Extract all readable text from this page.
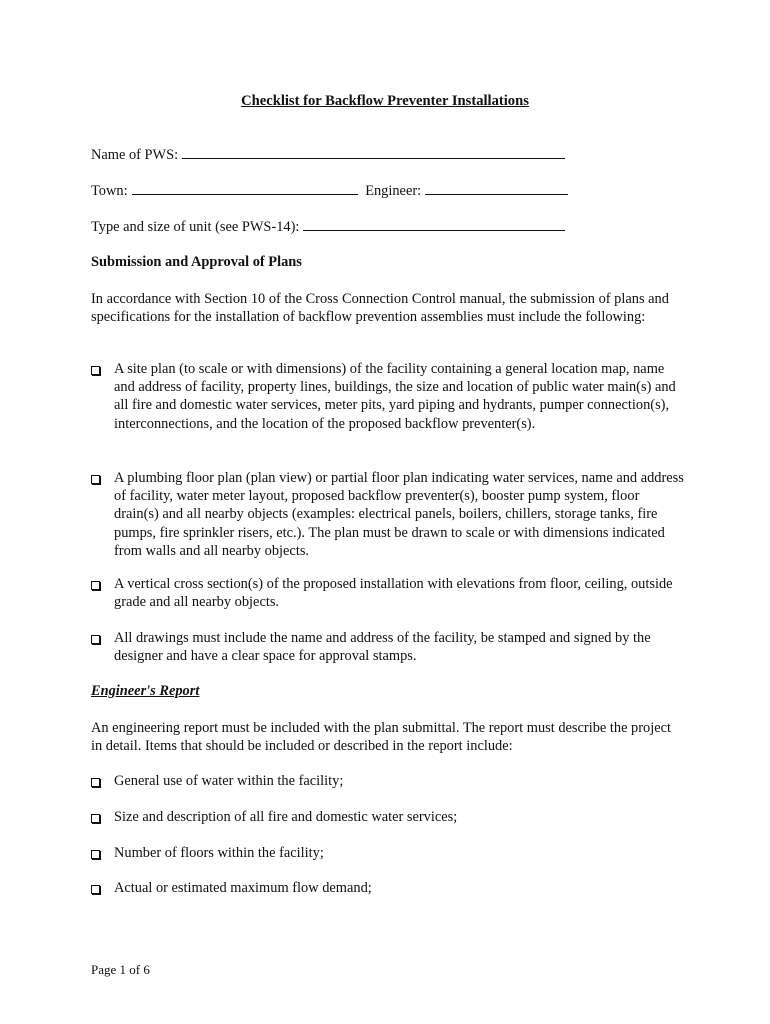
Checklist for Backflow Preventer Installations
Name of PWS:
Town:	Engineer:
Type and size of unit (see PWS-14):
Submission and Approval of Plans
In accordance with Section 10 of the Cross Connection Control manual, the submission of plans and specifications for the installation of backflow prevention assemblies must include the following:
A site plan (to scale or with dimensions) of the facility containing a general location map, name and address of facility, property lines, buildings, the size and location of public water main(s) and all fire and domestic water services, meter pits, yard piping and hydrants, pumper connection(s), interconnections, and the location of the proposed backflow preventer(s).
A plumbing floor plan (plan view) or partial floor plan indicating water services, name and address of facility, water meter layout, proposed backflow preventer(s), booster pump system, floor drain(s) and all nearby objects (examples: electrical panels, boilers, chillers, storage tanks, fire pumps, fire sprinkler risers, etc.). The plan must be drawn to scale or with dimensions indicated from walls and all nearby objects.
A vertical cross section(s) of the proposed installation with elevations from floor, ceiling, outside grade and all nearby objects.
All drawings must include the name and address of the facility, be stamped and signed by the designer and have a clear space for approval stamps.
Engineer's Report
An engineering report must be included with the plan submittal. The report must describe the project in detail. Items that should be included or described in the report include:
General use of water within the facility;
Size and description of all fire and domestic water services;
Number of floors within the facility;
Actual or estimated maximum flow demand;
Page 1 of 6
